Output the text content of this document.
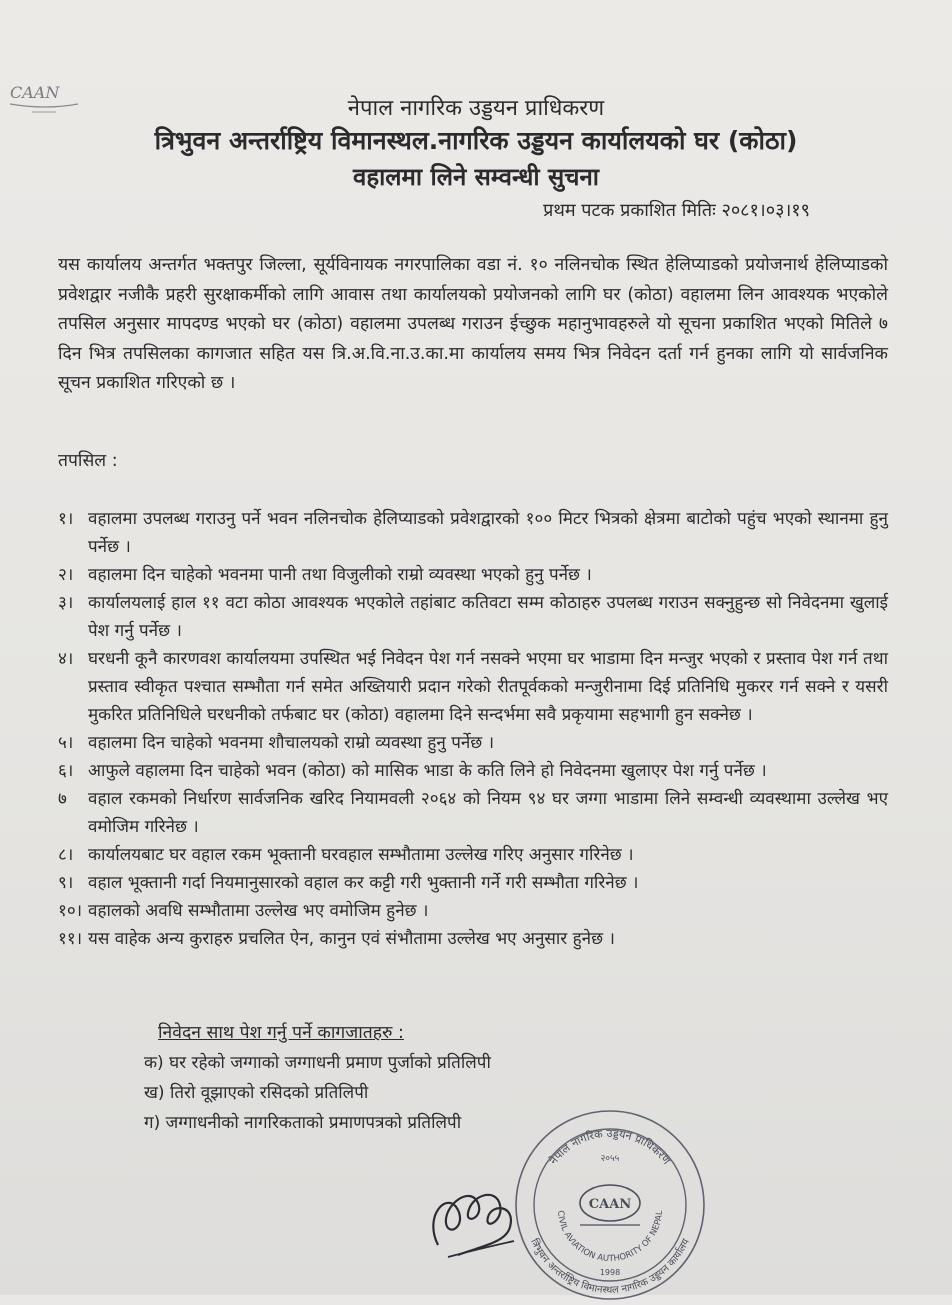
CAAN
नेपाल नागरिक उड्डयन प्राधिकरण
त्रिभुवन अन्तर्राष्ट्रिय विमानस्थल.नागरिक उड्डयन कार्यालयको घर (कोठा)
वहालमा लिने सम्वन्धी सुचना
प्रथम पटक प्रकाशित मितिः २०८१।०३।१९
यस कार्यालय अन्तर्गत भक्तपुर जिल्ला, सूर्यविनायक नगरपालिका वडा नं. १० नलिनचोक स्थित हेलिप्याडको प्रयोजनार्थ हेलिप्याडको प्रवेशद्वार नजीकै प्रहरी सुरक्षाकर्मीको लागि आवास तथा कार्यालयको प्रयोजनको लागि घर (कोठा) वहालमा लिन आवश्यक भएकोले तपसिल अनुसार मापदण्ड भएको घर (कोठा) वहालमा उपलब्ध गराउन ईच्छुक महानुभावहरुले यो सूचना प्रकाशित भएको मितिले ७ दिन भित्र तपसिलका कागजात सहित यस त्रि.अ.वि.ना.उ.का.मा कार्यालय समय भित्र निवेदन दर्ता गर्न हुनका लागि यो सार्वजनिक सूचन प्रकाशित गरिएको छ ।
तपसिल :
१। वहालमा उपलब्ध गराउनु पर्ने भवन नलिनचोक हेलिप्याडको प्रवेशद्वारको १०० मिटर भित्रको क्षेत्रमा बाटोको पहुंच भएको स्थानमा हुनु पर्नेछ ।
२। वहालमा दिन चाहेको भवनमा पानी तथा विजुलीको राम्रो व्यवस्था भएको हुनु पर्नेछ ।
३। कार्यालयलाई हाल ११ वटा कोठा आवश्यक भएकोले तहांबाट कतिवटा सम्म कोठाहरु उपलब्ध गराउन सक्नुहुन्छ सो निवेदनमा खुलाई पेश गर्नु पर्नेछ ।
४। घरधनी कूनै कारणवश कार्यालयमा उपस्थित भई निवेदन पेश गर्न नसक्ने भएमा घर भाडामा दिन मन्जुर भएको र प्रस्ताव पेश गर्न तथा प्रस्ताव स्वीकृत पश्चात सम्भौता गर्न समेत अख्तियारी प्रदान गरेको रीतपूर्वकको मन्जुरीनामा दिई प्रतिनिधि मुकरर गर्न सक्ने र यसरी मुकरित प्रतिनिधिले घरधनीको तर्फबाट घर (कोठा) वहालमा दिने सन्दर्भमा सवै प्रकृयामा सहभागी हुन सक्नेछ ।
५। वहालमा दिन चाहेको भवनमा शौचालयको राम्रो व्यवस्था हुनु पर्नेछ ।
६। आफुले वहालमा दिन चाहेको भवन (कोठा) को मासिक भाडा के कति लिने हो निवेदनमा खुलाएर पेश गर्नु पर्नेछ ।
७	वहाल रकमको निर्धारण सार्वजनिक खरिद नियामवली २०६४ को नियम ९४ घर जग्गा भाडामा लिने सम्वन्धी व्यवस्थामा उल्लेख भए वमोजिम गरिनेछ ।
८। कार्यालयबाट घर वहाल रकम भूक्तानी घरवहाल सम्भौतामा उल्लेख गरिए अनुसार गरिनेछ ।
९। वहाल भूक्तानी गर्दा नियमानुसारको वहाल कर कट्टी गरी भुक्तानी गर्ने गरी सम्भौता गरिनेछ ।
१०। वहालको अवधि सम्भौतामा उल्लेख भए वमोजिम हुनेछ ।
११। यस वाहेक अन्य कुराहरु प्रचलित ऐन, कानुन एवं संभौतामा उल्लेख भए अनुसार हुनेछ ।
निवेदन साथ पेश गर्नु पर्ने कागजातहरु :
क) घर रहेको जग्गाको जग्गाधनी प्रमाण पुर्जाको प्रतिलिपी
ख) तिरो वूझाएको रसिदको प्रतिलिपी
ग) जग्गाधनीको नागरिकताको प्रमाणपत्रको प्रतिलिपी
नेपाल नागरिक उड्डयन प्राधिकरण
२०५५
CIVIL AVIATION AUTHORITY OF NEPAL
1998
त्रिभुवन अन्तर्राष्ट्रिय विमानस्थल नागरिक उड्डयन कार्यालय
CAAN
